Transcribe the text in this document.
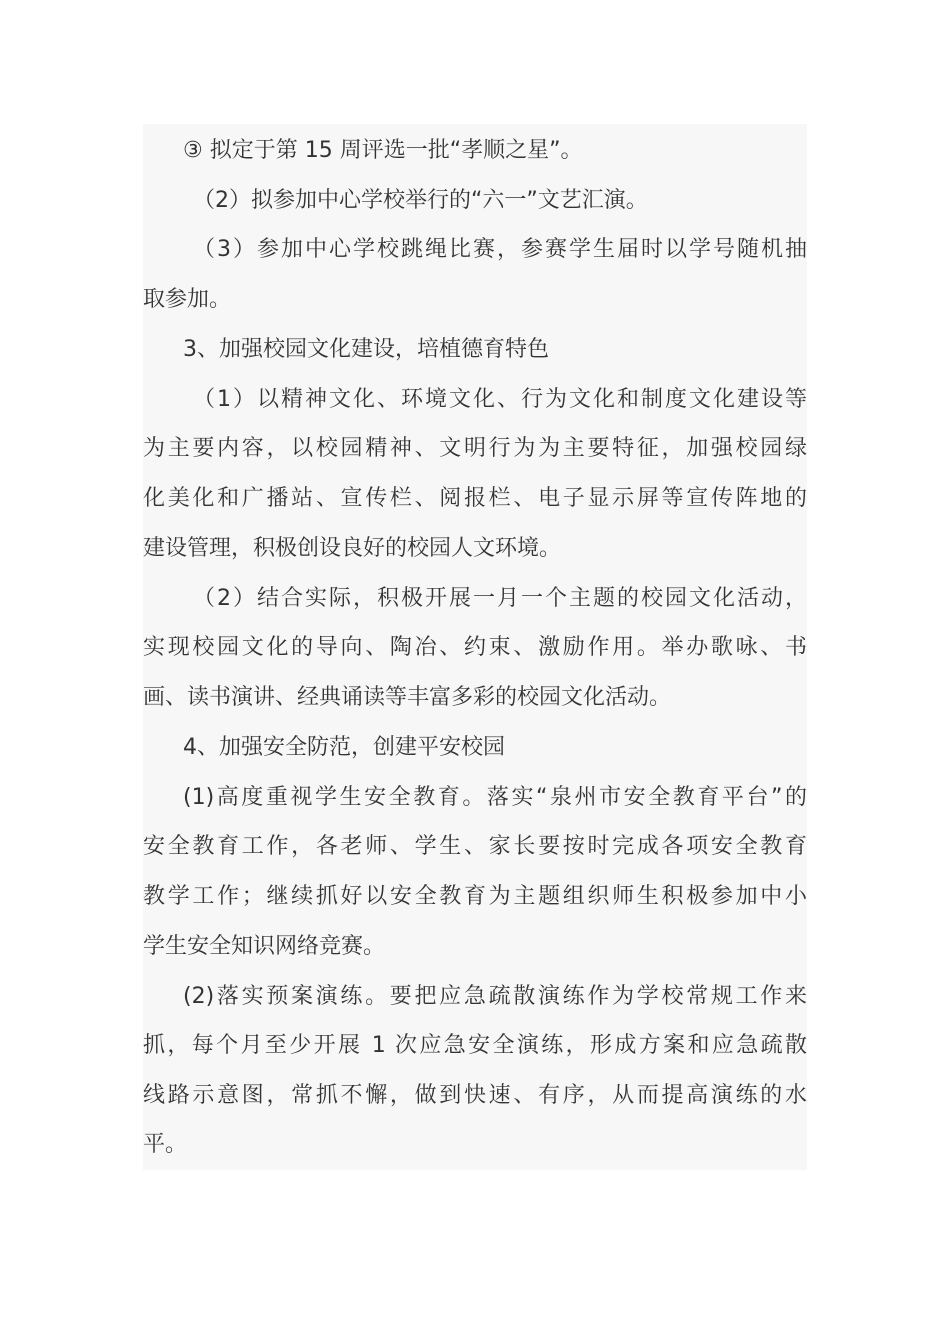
③ 拟定于第 15 周评选一批“孝顺之星”。
（2）拟参加中心学校举行的“六一”文艺汇演。
（3）参加中心学校跳绳比赛，参赛学生届时以学号随机抽
取参加。
3、加强校园文化建设，培植德育特色
（1）以精神文化、环境文化、行为文化和制度文化建设等
为主要内容，以校园精神、文明行为为主要特征，加强校园绿
化美化和广播站、宣传栏、阅报栏、电子显示屏等宣传阵地的
建设管理，积极创设良好的校园人文环境。
（2）结合实际，积极开展一月一个主题的校园文化活动，
实现校园文化的导向、陶冶、约束、激励作用。举办歌咏、书
画、读书演讲、经典诵读等丰富多彩的校园文化活动。
4、加强安全防范，创建平安校园
(1)高度重视学生安全教育。落实“泉州市安全教育平台”的
安全教育工作，各老师、学生、家长要按时完成各项安全教育
教学工作；继续抓好以安全教育为主题组织师生积极参加中小
学生安全知识网络竞赛。
(2)落实预案演练。要把应急疏散演练作为学校常规工作来
抓，每个月至少开展 1 次应急安全演练，形成方案和应急疏散
线路示意图，常抓不懈，做到快速、有序，从而提高演练的水
平。
